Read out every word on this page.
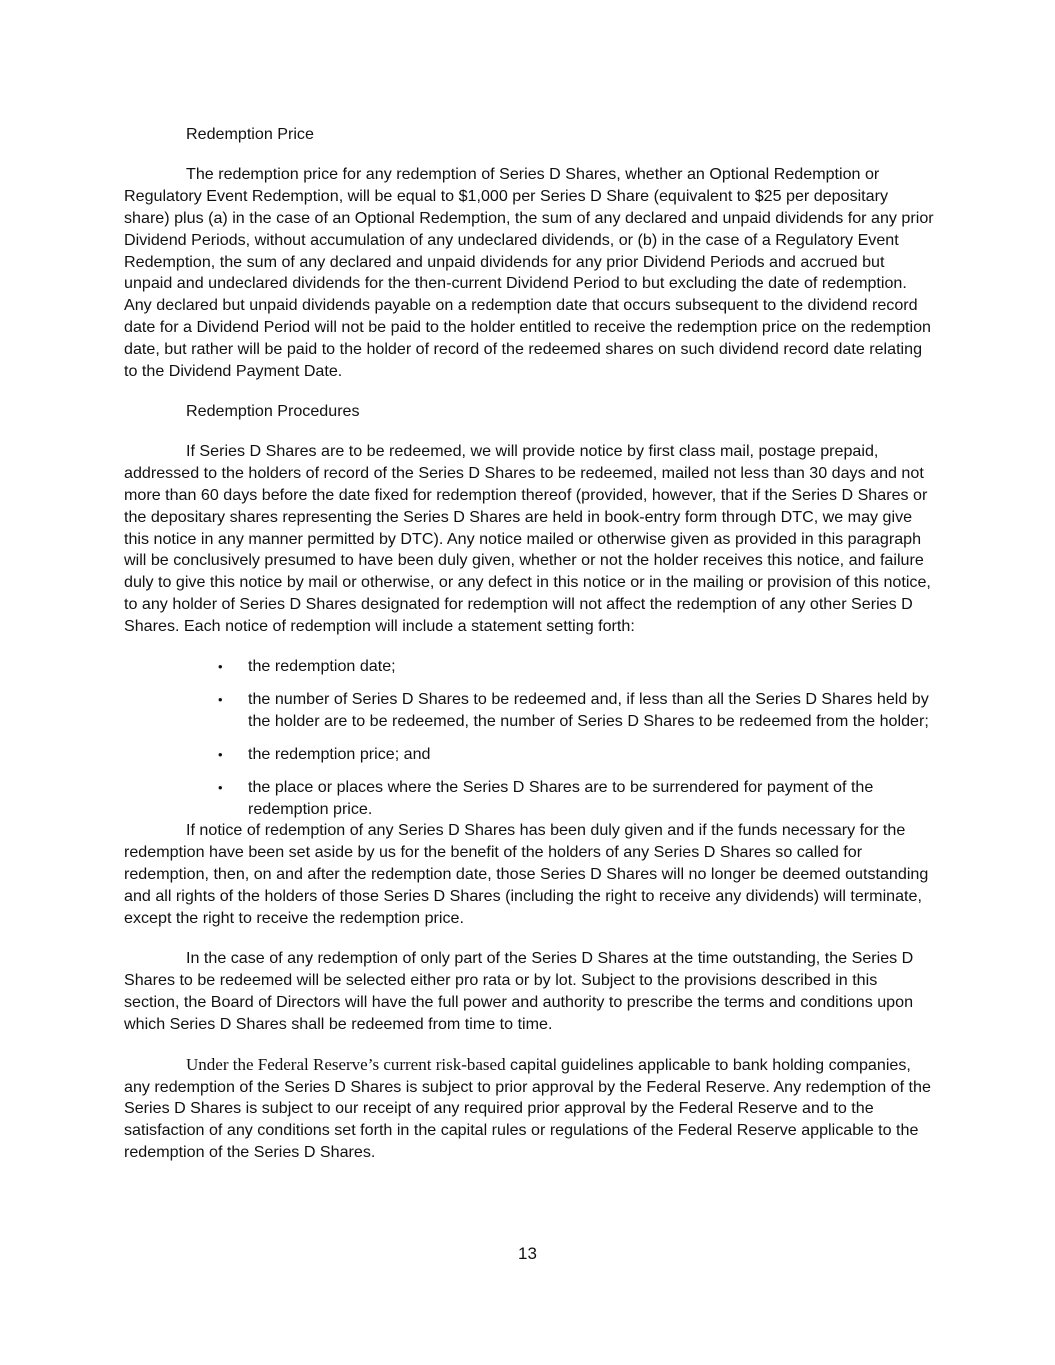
Redemption Price

The redemption price for any redemption of Series D Shares, whether an Optional Redemption or Regulatory Event Redemption, will be equal to $1,000 per Series D Share (equivalent to $25 per depositary share) plus (a) in the case of an Optional Redemption, the sum of any declared and unpaid dividends for any prior Dividend Periods, without accumulation of any undeclared dividends, or (b) in the case of a Regulatory Event Redemption, the sum of any declared and unpaid dividends for any prior Dividend Periods and accrued but unpaid and undeclared dividends for the then-current Dividend Period to but excluding the date of redemption. Any declared but unpaid dividends payable on a redemption date that occurs subsequent to the dividend record date for a Dividend Period will not be paid to the holder entitled to receive the redemption price on the redemption date, but rather will be paid to the holder of record of the redeemed shares on such dividend record date relating to the Dividend Payment Date.

Redemption Procedures

If Series D Shares are to be redeemed, we will provide notice by first class mail, postage prepaid, addressed to the holders of record of the Series D Shares to be redeemed, mailed not less than 30 days and not more than 60 days before the date fixed for redemption thereof (provided, however, that if the Series D Shares or the depositary shares representing the Series D Shares are held in book-entry form through DTC, we may give this notice in any manner permitted by DTC). Any notice mailed or otherwise given as provided in this paragraph will be conclusively presumed to have been duly given, whether or not the holder receives this notice, and failure duly to give this notice by mail or otherwise, or any defect in this notice or in the mailing or provision of this notice, to any holder of Series D Shares designated for redemption will not affect the redemption of any other Series D Shares. Each notice of redemption will include a statement setting forth:

• the redemption date;
• the number of Series D Shares to be redeemed and, if less than all the Series D Shares held by the holder are to be redeemed, the number of Series D Shares to be redeemed from the holder;
• the redemption price; and
• the place or places where the Series D Shares are to be surrendered for payment of the redemption price.

If notice of redemption of any Series D Shares has been duly given and if the funds necessary for the redemption have been set aside by us for the benefit of the holders of any Series D Shares so called for redemption, then, on and after the redemption date, those Series D Shares will no longer be deemed outstanding and all rights of the holders of those Series D Shares (including the right to receive any dividends) will terminate, except the right to receive the redemption price.

In the case of any redemption of only part of the Series D Shares at the time outstanding, the Series D Shares to be redeemed will be selected either pro rata or by lot. Subject to the provisions described in this section, the Board of Directors will have the full power and authority to prescribe the terms and conditions upon which Series D Shares shall be redeemed from time to time.

Under the Federal Reserve’s current risk-based capital guidelines applicable to bank holding companies, any redemption of the Series D Shares is subject to prior approval by the Federal Reserve. Any redemption of the Series D Shares is subject to our receipt of any required prior approval by the Federal Reserve and to the satisfaction of any conditions set forth in the capital rules or regulations of the Federal Reserve applicable to the redemption of the Series D Shares.

13
